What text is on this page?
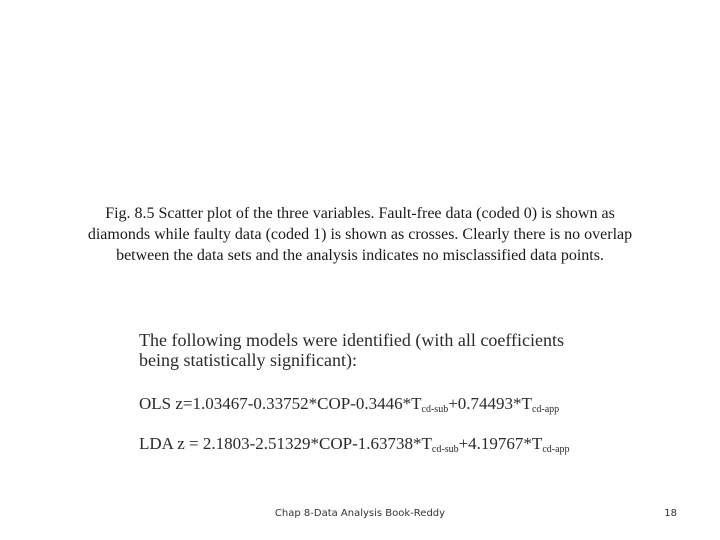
Fig. 8.5 Scatter plot of the three variables. Fault-free data (coded 0) is shown as
diamonds while faulty data (coded 1) is shown as crosses. Clearly there is no overlap
between the data sets and the analysis indicates no misclassified data points.
The following models were identified (with all coefficients
being statistically significant):
OLS $z=1.03467-0.33752*COP-0.3446*T_{cd-sub}+0.74493*T_{cd-app}$
LDA $z = 2.1803-2.51329*COP-1.63738*T_{cd-sub}+4.19767*T_{cd-app}$
Chap 8-Data Analysis Book-Reddy	18
